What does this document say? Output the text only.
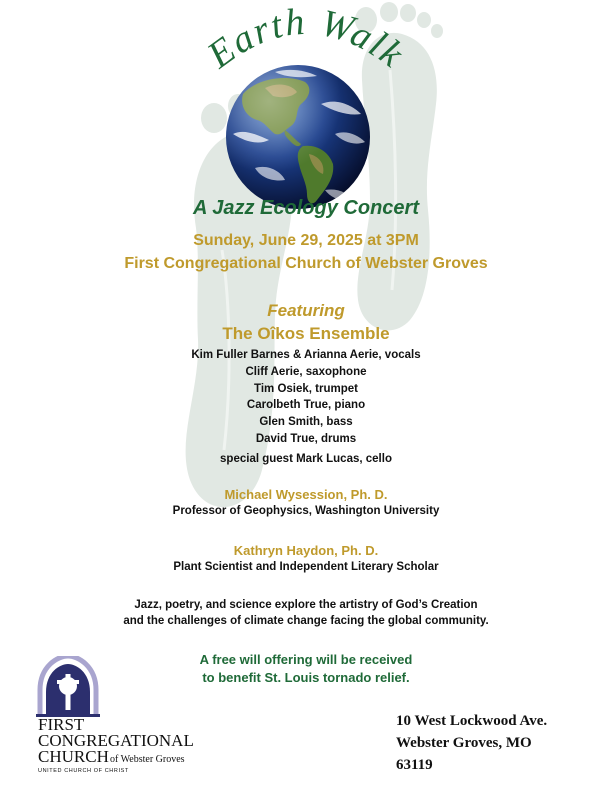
Earth Walk
A Jazz Ecology Concert
Sunday, June 29, 2025 at 3PM
First Congregational Church of Webster Groves
Featuring
The Oîkos Ensemble
Kim Fuller Barnes & Arianna Aerie, vocals
Cliff Aerie, saxophone
Tim Osiek, trumpet
Carolbeth True, piano
Glen Smith, bass
David True, drums
special guest Mark Lucas, cello
Michael Wysession, Ph. D.
Professor of Geophysics, Washington University
Kathryn Haydon, Ph. D.
Plant Scientist and Independent Literary Scholar
Jazz, poetry, and science explore the artistry of God’s Creation
and the challenges of climate change facing the global community.
A free will offering will be received
to benefit St. Louis tornado relief.
FIRST
CONGREGATIONAL
CHURCH of Webster Groves
UNITED CHURCH OF CHRIST
10 West Lockwood Ave.
Webster Groves, MO
63119
